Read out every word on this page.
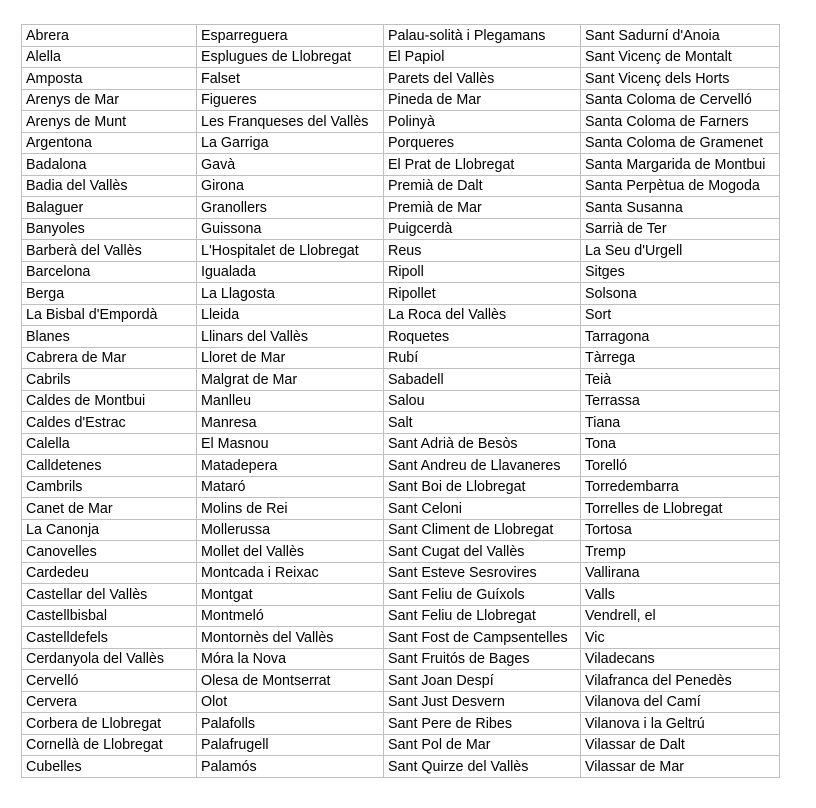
Abrera	Esparreguera	Palau-solità i Plegamans	Sant Sadurní d'Anoia
Alella	Esplugues de Llobregat	El Papiol	Sant Vicenç de Montalt
Amposta	Falset	Parets del Vallès	Sant Vicenç dels Horts
Arenys de Mar	Figueres	Pineda de Mar	Santa Coloma de Cervelló
Arenys de Munt	Les Franqueses del Vallès	Polinyà	Santa Coloma de Farners
Argentona	La Garriga	Porqueres	Santa Coloma de Gramenet
Badalona	Gavà	El Prat de Llobregat	Santa Margarida de Montbui
Badia del Vallès	Girona	Premià de Dalt	Santa Perpètua de Mogoda
Balaguer	Granollers	Premià de Mar	Santa Susanna
Banyoles	Guissona	Puigcerdà	Sarrià de Ter
Barberà del Vallès	L'Hospitalet de Llobregat	Reus	La Seu d'Urgell
Barcelona	Igualada	Ripoll	Sitges
Berga	La Llagosta	Ripollet	Solsona
La Bisbal d'Empordà	Lleida	La Roca del Vallès	Sort
Blanes	Llinars del Vallès	Roquetes	Tarragona
Cabrera de Mar	Lloret de Mar	Rubí	Tàrrega
Cabrils	Malgrat de Mar	Sabadell	Teià
Caldes de Montbui	Manlleu	Salou	Terrassa
Caldes d'Estrac	Manresa	Salt	Tiana
Calella	El Masnou	Sant Adrià de Besòs	Tona
Calldetenes	Matadepera	Sant Andreu de Llavaneres	Torelló
Cambrils	Mataró	Sant Boi de Llobregat	Torredembarra
Canet de Mar	Molins de Rei	Sant Celoni	Torrelles de Llobregat
La Canonja	Mollerussa	Sant Climent de Llobregat	Tortosa
Canovelles	Mollet del Vallès	Sant Cugat del Vallès	Tremp
Cardedeu	Montcada i Reixac	Sant Esteve Sesrovires	Vallirana
Castellar del Vallès	Montgat	Sant Feliu de Guíxols	Valls
Castellbisbal	Montmeló	Sant Feliu de Llobregat	Vendrell, el
Castelldefels	Montornès del Vallès	Sant Fost de Campsentelles	Vic
Cerdanyola del Vallès	Móra la Nova	Sant Fruitós de Bages	Viladecans
Cervelló	Olesa de Montserrat	Sant Joan Despí	Vilafranca del Penedès
Cervera	Olot	Sant Just Desvern	Vilanova del Camí
Corbera de Llobregat	Palafolls	Sant Pere de Ribes	Vilanova i la Geltrú
Cornellà de Llobregat	Palafrugell	Sant Pol de Mar	Vilassar de Dalt
Cubelles	Palamós	Sant Quirze del Vallès	Vilassar de Mar
